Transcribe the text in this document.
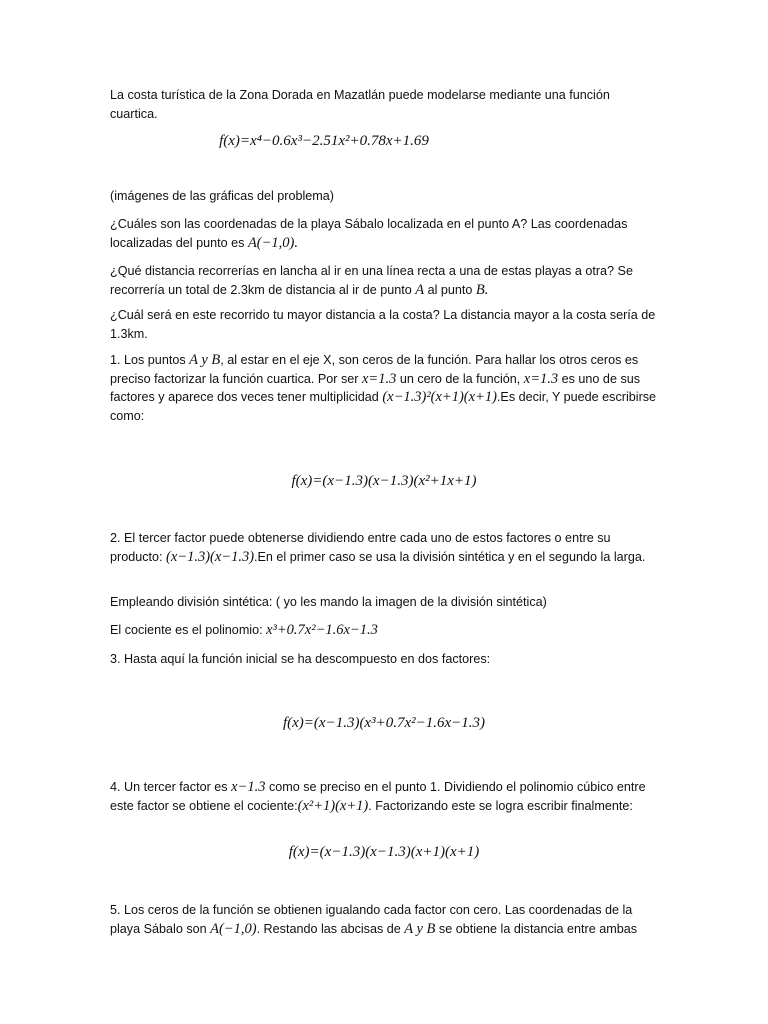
La costa turística de la Zona Dorada en Mazatlán puede modelarse mediante una función cuartica.
f(x)=x⁴−0.6x³−2.51x²+0.78x+1.69
(imágenes de las gráficas del problema)
¿Cuáles son las coordenadas de la playa Sábalo localizada en el punto A? Las coordenadas localizadas del punto es A(−1,0).
¿Qué distancia recorrerías en lancha al ir en una línea recta a una de estas playas a otra? Se recorrería un total de 2.3km de distancia al ir de punto A al punto B.
¿Cuál será en este recorrido tu mayor distancia a la costa? La distancia mayor a la costa sería de 1.3km.
1. Los puntos A y B, al estar en el eje X, son ceros de la función. Para hallar los otros ceros es preciso factorizar la función cuartica. Por ser x=1.3 un cero de la función, x=1.3 es uno de sus factores y aparece dos veces tener multiplicidad (x−1.3)²(x+1)(x+1).Es decir, Y puede escribirse como:
f(x)=(x−1.3)(x−1.3)(x²+1x+1)
2. El tercer factor puede obtenerse dividiendo entre cada uno de estos factores o entre su producto: (x−1.3)(x−1.3).En el primer caso se usa la división sintética y en el segundo la larga.
Empleando división sintética: ( yo les mando la imagen de la división sintética)
El cociente es el polinomio: x³+0.7x²−1.6x−1.3
3. Hasta aquí la función inicial se ha descompuesto en dos factores:
f(x)=(x−1.3)(x³+0.7x²−1.6x−1.3)
4. Un tercer factor es x−1.3 como se preciso en el punto 1. Dividiendo el polinomio cúbico entre este factor se obtiene el cociente:(x²+1)(x+1). Factorizando este se logra escribir finalmente:
f(x)=(x−1.3)(x−1.3)(x+1)(x+1)
5. Los ceros de la función se obtienen igualando cada factor con cero. Las coordenadas de la playa Sábalo son A(−1,0). Restando las abcisas de A y B se obtiene la distancia entre ambas
